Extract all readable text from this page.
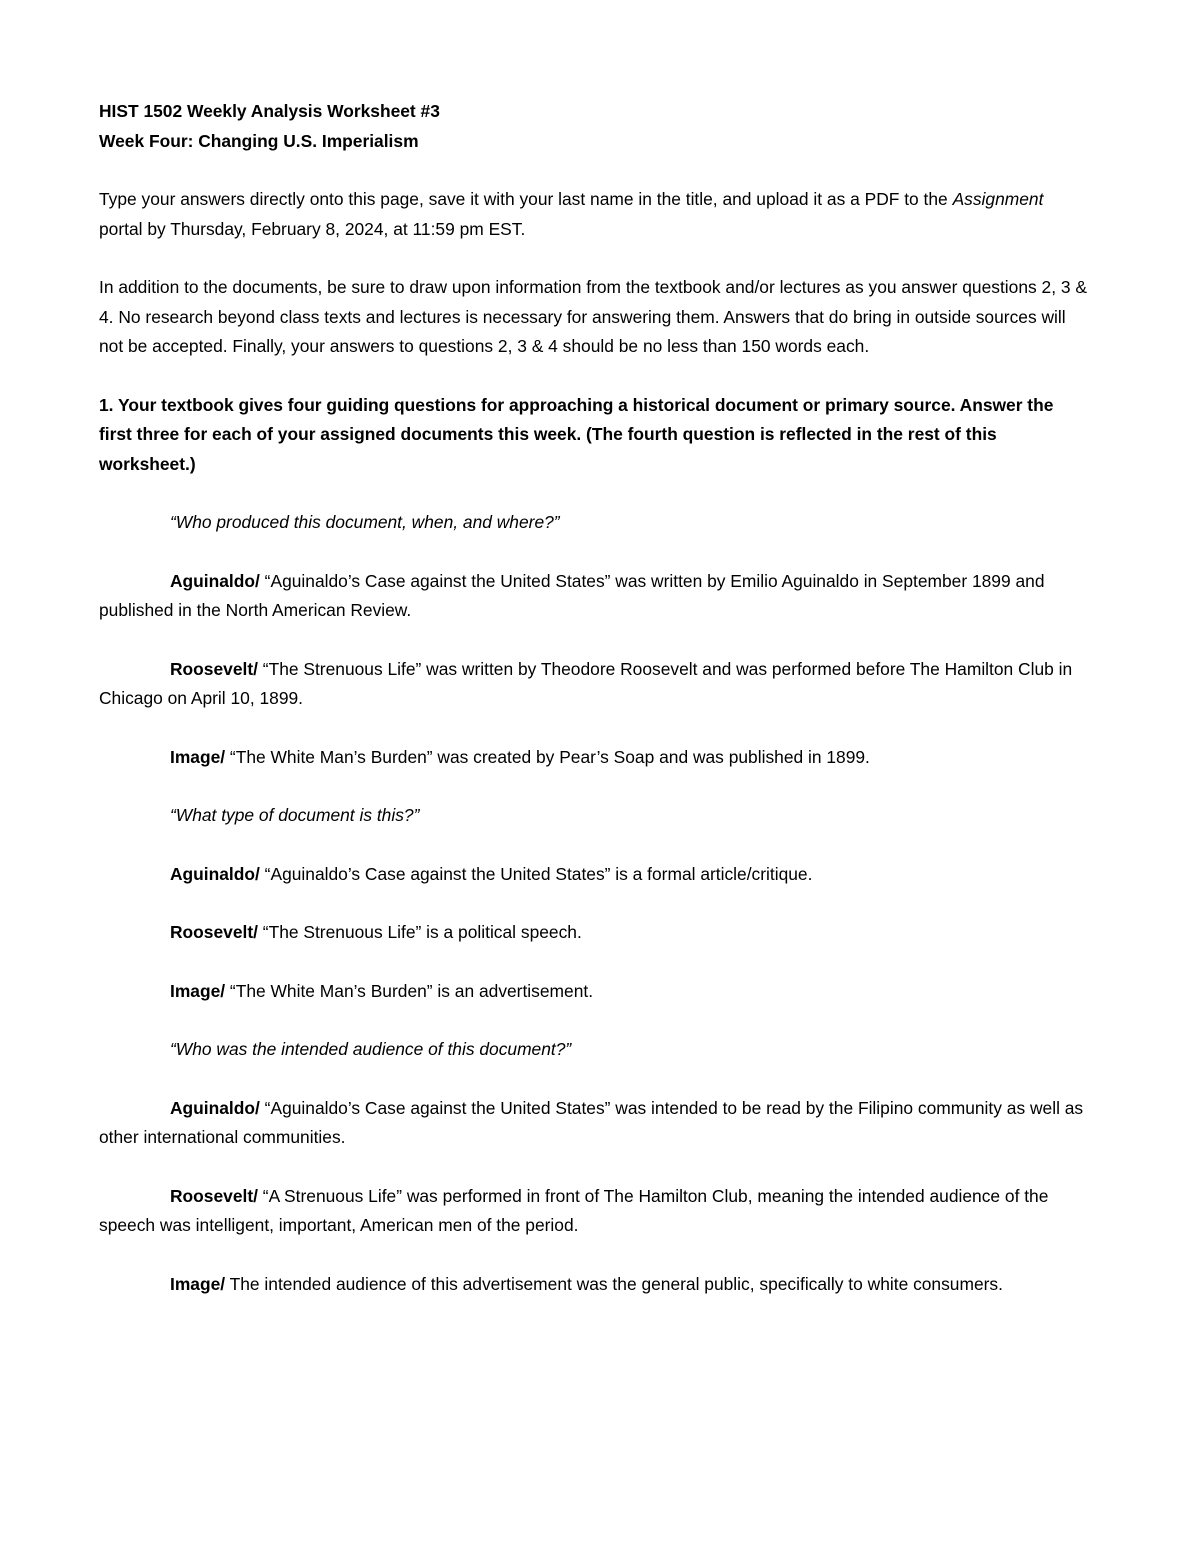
HIST 1502 Weekly Analysis Worksheet #3
Week Four: Changing U.S. Imperialism
Type your answers directly onto this page, save it with your last name in the title, and upload it as a PDF to the Assignment portal by Thursday, February 8, 2024, at 11:59 pm EST.
In addition to the documents, be sure to draw upon information from the textbook and/or lectures as you answer questions 2, 3 & 4. No research beyond class texts and lectures is necessary for answering them. Answers that do bring in outside sources will not be accepted. Finally, your answers to questions 2, 3 & 4 should be no less than 150 words each.
1. Your textbook gives four guiding questions for approaching a historical document or primary source. Answer the first three for each of your assigned documents this week. (The fourth question is reflected in the rest of this worksheet.)
“Who produced this document, when, and where?”
Aguinaldo/ “Aguinaldo’s Case against the United States” was written by Emilio Aguinaldo in September 1899 and published in the North American Review.
Roosevelt/ “The Strenuous Life” was written by Theodore Roosevelt and was performed before The Hamilton Club in Chicago on April 10, 1899.
Image/ “The White Man’s Burden” was created by Pear’s Soap and was published in 1899.
“What type of document is this?”
Aguinaldo/ “Aguinaldo’s Case against the United States” is a formal article/critique.
Roosevelt/ “The Strenuous Life” is a political speech.
Image/ “The White Man’s Burden” is an advertisement.
“Who was the intended audience of this document?”
Aguinaldo/ “Aguinaldo’s Case against the United States” was intended to be read by the Filipino community as well as other international communities.
Roosevelt/ “A Strenuous Life” was performed in front of The Hamilton Club, meaning the intended audience of the speech was intelligent, important, American men of the period.
Image/ The intended audience of this advertisement was the general public, specifically to white consumers.
